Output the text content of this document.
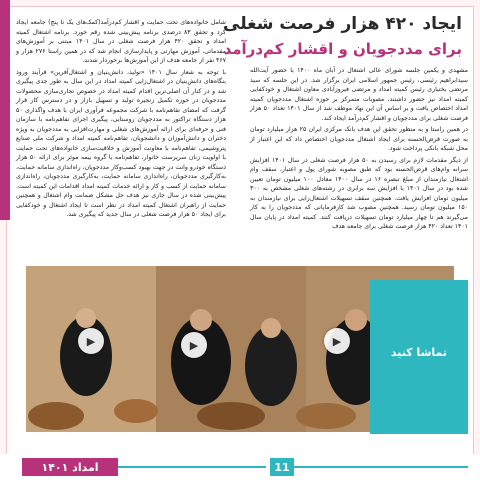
ایجاد ۴۲۰ هزار فرصت شغلی
برای مددجویان و اقشار کم‌درآمد

مشهدی و یکمین جلسه شورای عالی اشتغال در آبان ماه ۱۴۰۰ با حضور آیت‌الله سیدابراهیم رئیسی، رئیس جمهور اسلامی ایران برگزار شد. در این جلسه که سید مرتضی بختیاری رئیس کمیته امداد و مرتضی فیروزآبادی معاون اشتغال و خودکفایی کمیته امداد نیز حضور داشتند، مصوبات متمرکز بر حوزه اشتغال مددجویان کمیته امداد اختصاص یافت و بر اساس آن این نهاد موظف شد از سال ۱۴۰۱ تعداد ۵۰ هزار فرصت شغلی برای مددجویان و اقشار کم‌درآمد ایجاد کند.

در همین راستا و به منظور تحقق این هدف بانک مرکزی ایران ۲۵ هزار میلیارد تومان به صورت قرض‌الحسنه برای ایجاد اشتغال مددجویان اختصاص داد که این اعتبار از محل شبکه بانکی پرداخت شود.

از دیگر مقدمات لازم برای رسیدن به ۵۰ هزار فرصت شغلی در سال ۱۴۰۱ افزایش سرانه وام‌های قرض‌الحسنه بود که طبق مصوبه شورای پول و اعتبار، سقف وام اشتغال نیازمندان از مبلغ تبصره ۱۶ در سال ۱۴۰۰ معادل ۱۰۰ میلیون تومان تعیین شده بود در سال ۱۴۰۱ با افزایش سه برابری در رشته‌های شغلی مشخص به ۳۰۰ میلیون تومان افزایش یافت. همچنین سقف تسهیلات اشتغال‌زایی برای نیازمندان به ۱۵۰ میلیون تومان رسید. همچنین مصوب شد کارفرمایانی که مددجویان را به کار می‌گیرند هم تا چهار میلیارد تومان تسهیلات دریافت کنند. کمیته امداد در پایان سال ۱۴۰۱ تعداد ۴۲۰ هزار فرصت شغلی برای جامعه هدف

شامل خانواده‌های تحت حمایت و اقشار کم‌درآمد(کمک‌های یک تا پنج) جامعه ایجاد کرد و تحقق ۸۳ درصدی برنامه پیش‌بینی شده رقم خورد. برنامه اشتغال کمیته امداد و تحقق ۴۲۰ هزار فرصت شغلی در سال ۱۴۰۱ مبتنی بر آموزش‌های مقدماتی، آموزش مهارتی و پایدارسازی انجام شد که در همین راستا ۲۷۶ هزار و ۴۶۷ نفر از جامعه هدف از این آموزش‌ها برخوردار شدند.

با توجه به شعار سال ۱۴۰۱ «تولید، دانش‌بنیان و اشتغال‌آفرین» فرآیند ورود بنگاه‌های دانش‌بنیان در اشتغال‌زایی کمیته امداد در این سال به طور جدی پیگیری شد و در کنار آن اصلی‌ترین اقدام کمیته امداد در خصوص تجاری‌سازی محصولات مددجویان در حوزه تکمیل زنجیره تولید و تسهیل بازار و در دسترس کار قرار گرفت که امضای تفاهم‌نامه با شرکت مجموعه فرآوری ایران با هدف واگذاری ۵۰ هزار دستگاه تراکتور به مددجویان روستایی، پیگیری اجرای تفاهم‌نامه با سازمان فنی و حرفه‌ای برای ارائه آموزش‌های شغلی و مهارت‌افزایی به مددجویان به ویژه دختران و دانش‌آموزان و دانشجویان، تفاهم‌نامه کمیته امداد و شرکت ملی صنایع پتروشیمی، تفاهم‌نامه با معاونت آموزش و خلاقیت‌سازی خانواده‌های تحت حمایت با اولویت زنان سرپرست خانوار، تفاهم‌نامه با گروه بیمه موثر برای ارائه ۵۰ هزار دستگاه خودرو وانت در جهت بهبود کسب‌وکار مددجویان، راه‌اندازی سامانه حمایت، به‌کارگیری مددجویان، راه‌اندازی سامانه حمایت، به‌کارگیری مددجویان، راه‌اندازی سامانه حمایت از کسب و کار و ارائه خدمات کمیته امداد اقدامات این کمیته است. پیش‌بینی شده در سال جاری نیز هدف حل مشکل ضمانت وام اشتغال و همچنین حمایت از راهبران اشتغال کمیته امداد در نظر است تا ایجاد اشتغال و خودکفایی برای ایجاد ۵۰ هزار فرصت شغلی در سال جدید که پیگیری شد.

▶	▶	▶
تماشا کنید
امداد ۱۴۰۱	11
